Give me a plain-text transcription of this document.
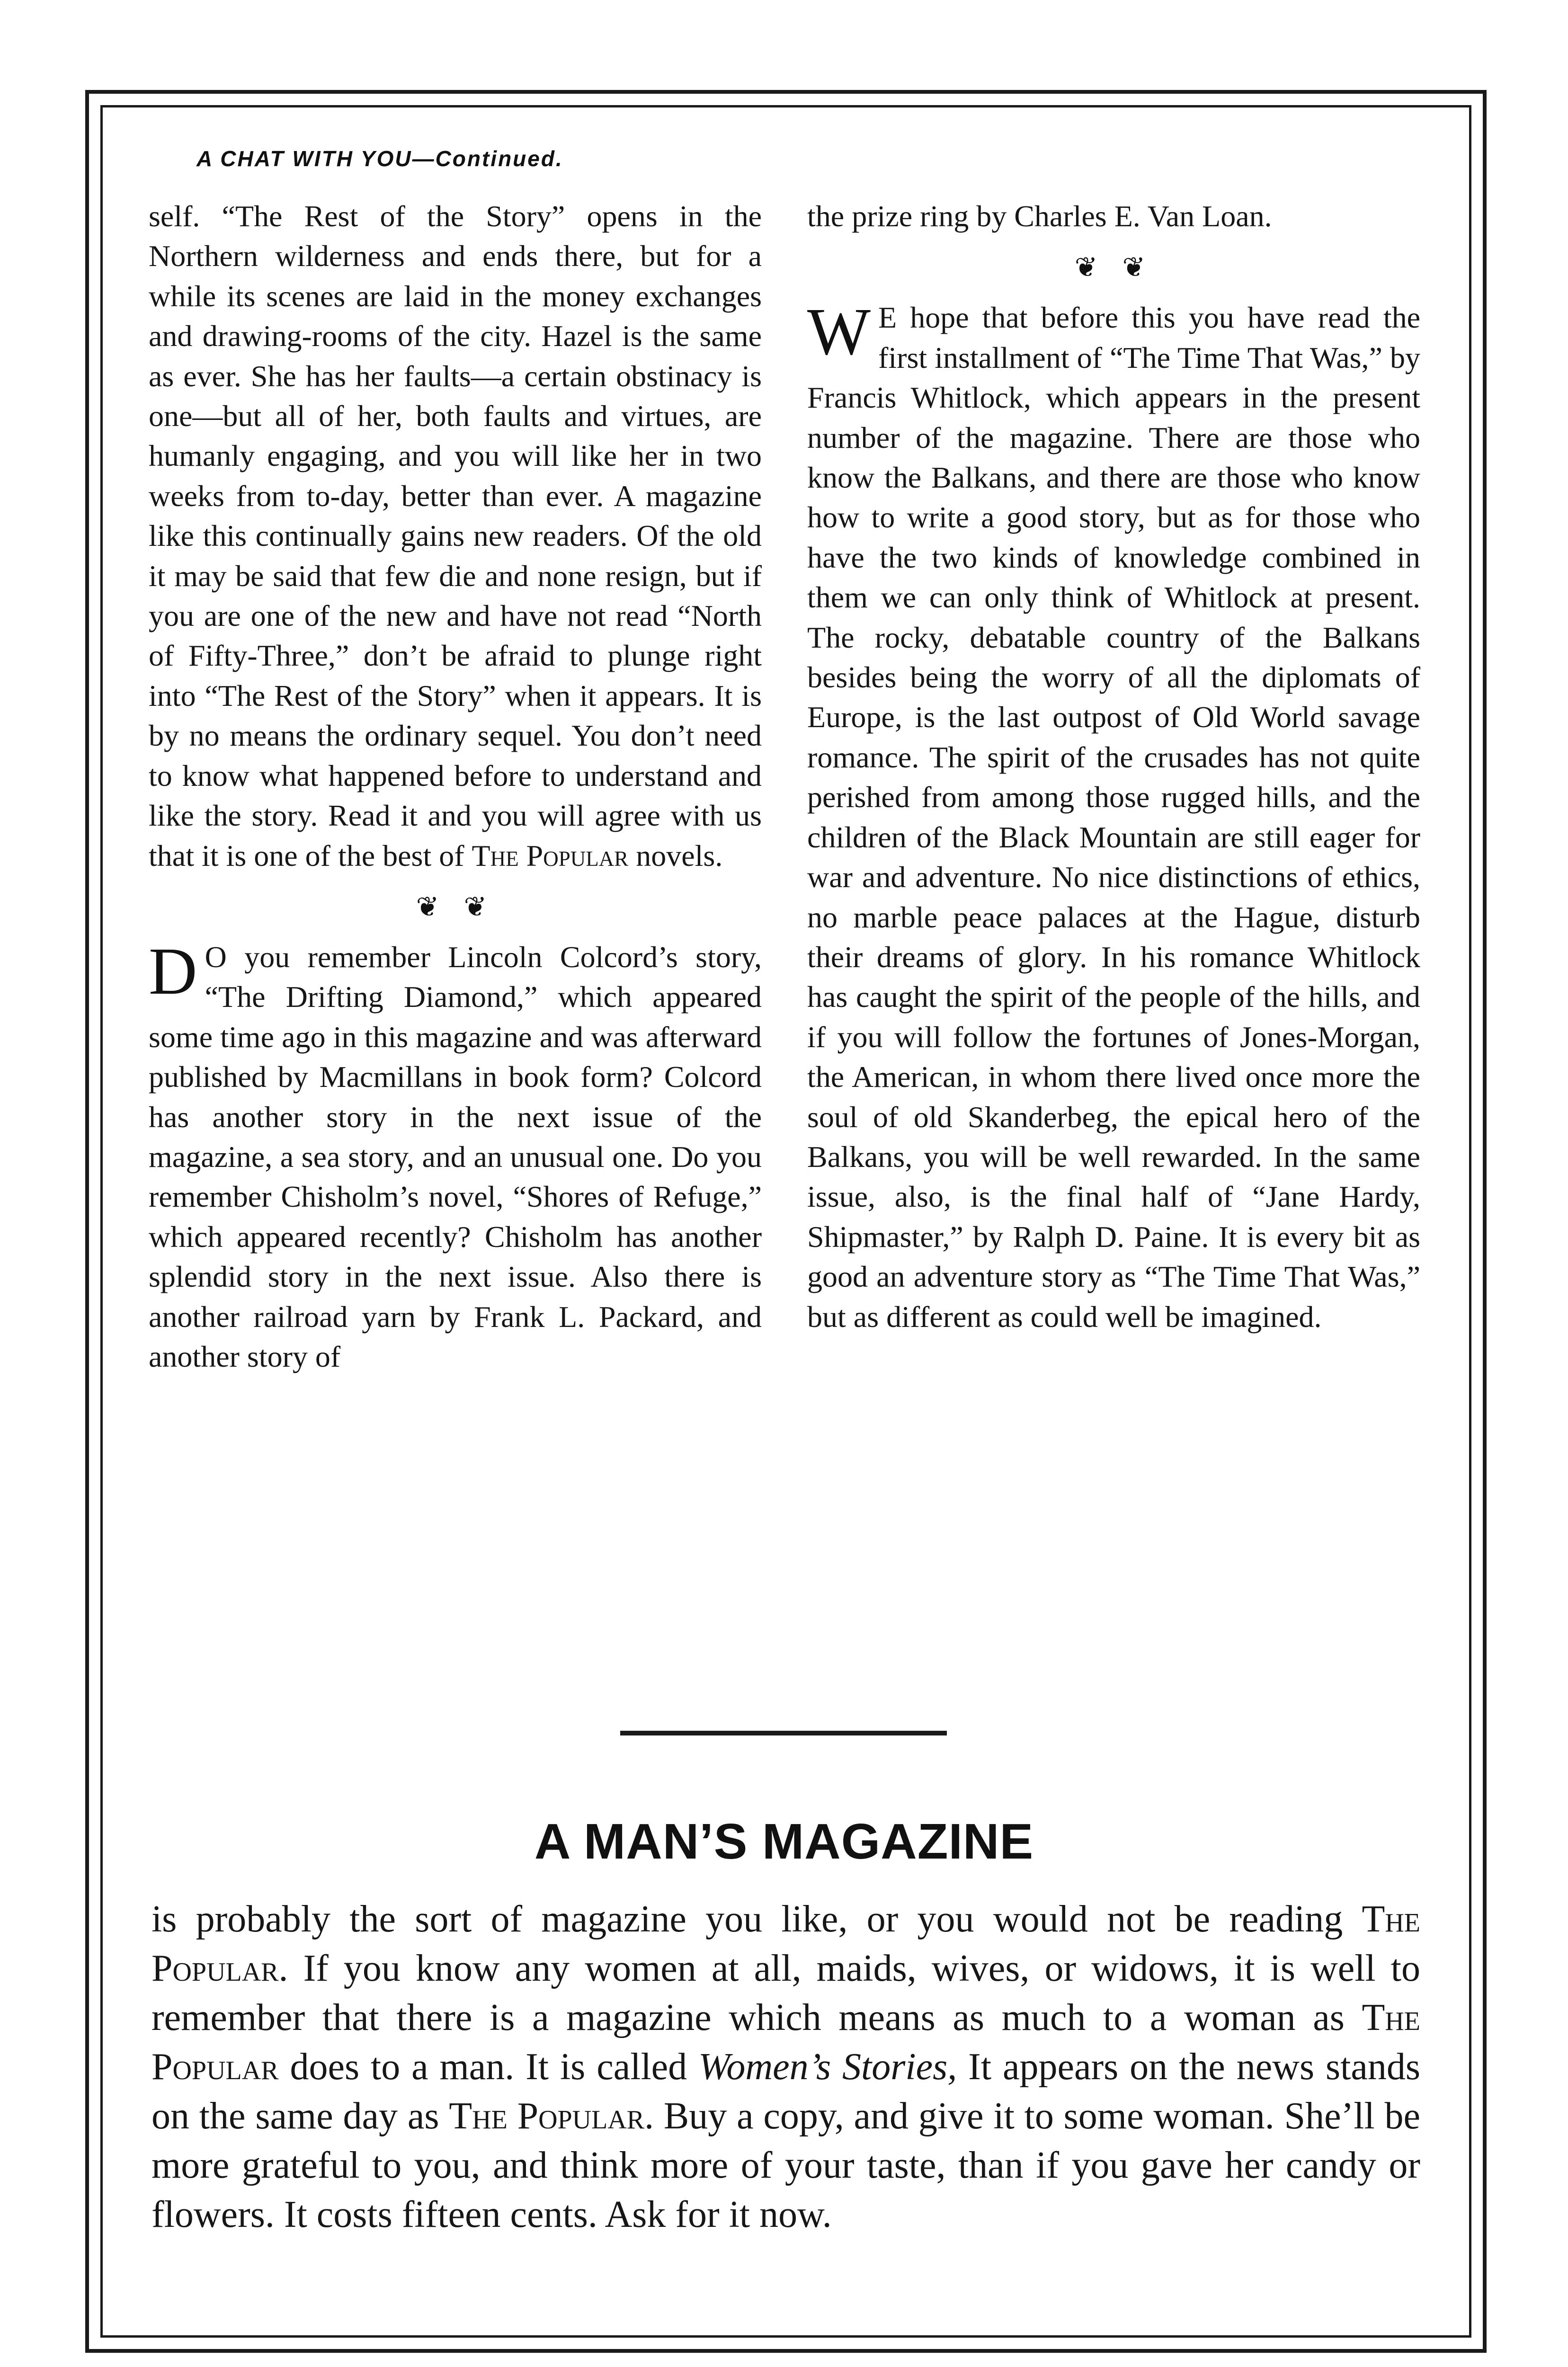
A CHAT WITH YOU—Continued.

self. “The Rest of the Story” opens in the Northern wilderness and ends there, but for a while its scenes are laid in the money exchanges and drawing-rooms of the city. Hazel is the same as ever. She has her faults—a certain obstinacy is one—but all of her, both faults and virtues, are humanly engaging, and you will like her in two weeks from to-day, better than ever. A magazine like this continually gains new readers. Of the old it may be said that few die and none resign, but if you are one of the new and have not read “North of Fifty-Three,” don’t be afraid to plunge right into “The Rest of the Story” when it appears. It is by no means the ordinary sequel. You don’t need to know what happened before to understand and like the story. Read it and you will agree with us that it is one of the best of The Popular novels.

❦ ❦

D O you remember Lincoln Colcord’s story, “The Drifting Diamond,” which appeared some time ago in this magazine and was afterward published by Macmillans in book form? Colcord has another story in the next issue of the magazine, a sea story, and an unusual one. Do you remember Chisholm’s novel, “Shores of Refuge,” which appeared recently? Chisholm has another splendid story in the next issue. Also there is another railroad yarn by Frank L. Packard, and another story of

the prize ring by Charles E. Van Loan.

❦ ❦

W E hope that before this you have read the first installment of “The Time That Was,” by Francis Whitlock, which appears in the present number of the magazine. There are those who know the Balkans, and there are those who know how to write a good story, but as for those who have the two kinds of knowledge combined in them we can only think of Whitlock at present. The rocky, debatable country of the Balkans besides being the worry of all the diplomats of Europe, is the last outpost of Old World savage romance. The spirit of the crusades has not quite perished from among those rugged hills, and the children of the Black Mountain are still eager for war and adventure. No nice distinctions of ethics, no marble peace palaces at the Hague, disturb their dreams of glory. In his romance Whitlock has caught the spirit of the people of the hills, and if you will follow the fortunes of Jones-Morgan, the American, in whom there lived once more the soul of old Skanderbeg, the epical hero of the Balkans, you will be well rewarded. In the same issue, also, is the final half of “Jane Hardy, Shipmaster,” by Ralph D. Paine. It is every bit as good an adventure story as “The Time That Was,” but as different as could well be imagined.

A MAN’S MAGAZINE

is probably the sort of magazine you like, or you would not be reading The Popular. If you know any women at all, maids, wives, or widows, it is well to remember that there is a magazine which means as much to a woman as The Popular does to a man. It is called Women’s Stories, It appears on the news stands on the same day as The Popular. Buy a copy, and give it to some woman. She’ll be more grateful to you, and think more of your taste, than if you gave her candy or flowers. It costs fifteen cents. Ask for it now.
